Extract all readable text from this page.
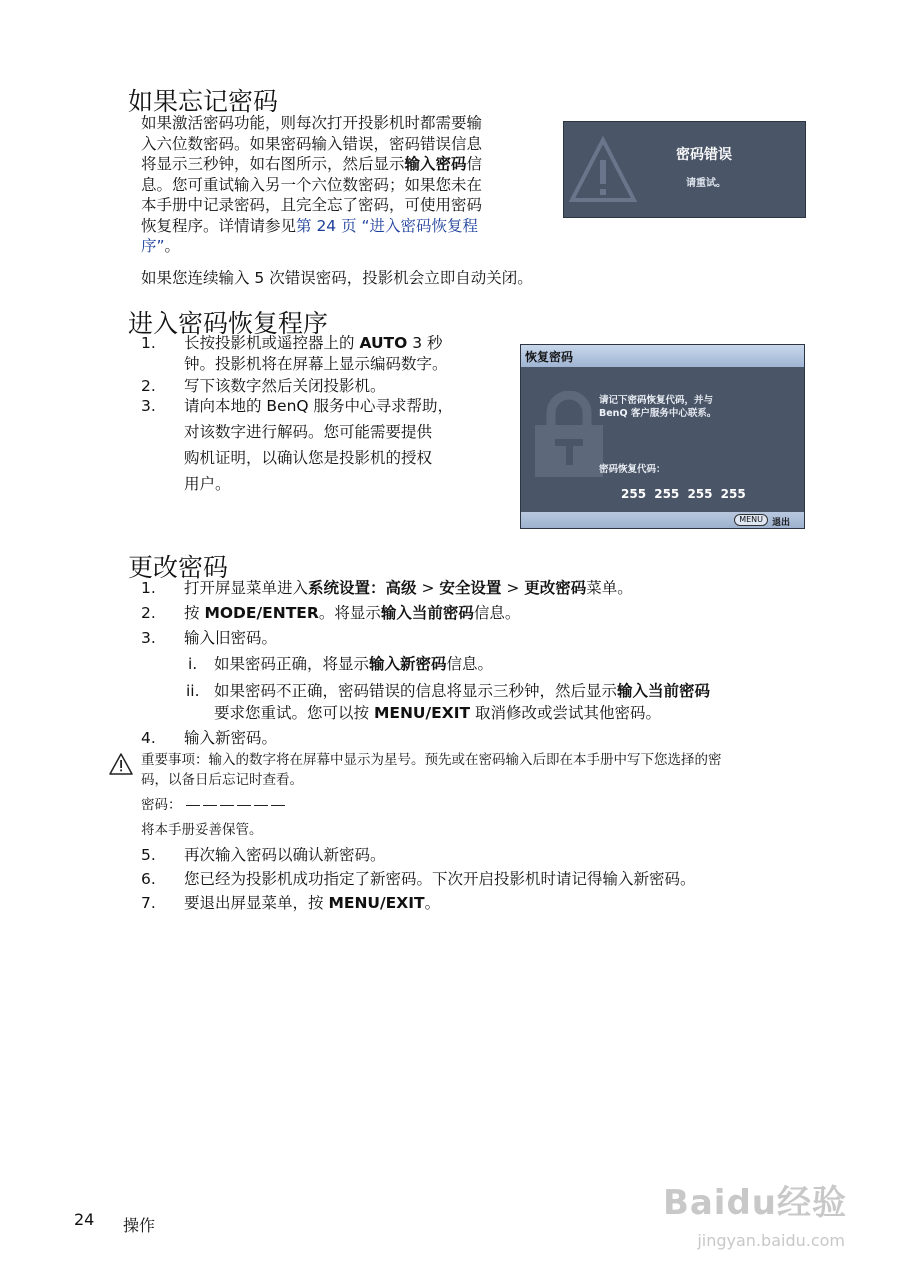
如果忘记密码
如果激活密码功能，则每次打开投影机时都需要输
入六位数密码。如果密码输入错误，密码错误信息
将显示三秒钟，如右图所示，然后显示输入密码信
息。您可重试输入另一个六位数密码；如果您未在
本手册中记录密码，且完全忘了密码，可使用密码
恢复程序。详情请参见第 24 页 “进入密码恢复程
序”。
如果您连续输入 5 次错误密码，投影机会立即自动关闭。
密码错误
请重试。
进入密码恢复程序
1. 长按投影机或遥控器上的 AUTO 3 秒
钟。投影机将在屏幕上显示编码数字。
2. 写下该数字然后关闭投影机。
3. 请向本地的 BenQ 服务中心寻求帮助，
对该数字进行解码。您可能需要提供
购机证明，以确认您是投影机的授权
用户。
恢复密码
请记下密码恢复代码，并与
BenQ 客户服务中心联系。
密码恢复代码：
255 255 255 255
MENU 退出
更改密码
1. 打开屏显菜单进入系统设置：高级 > 安全设置 > 更改密码菜单。
2. 按 MODE/ENTER。将显示输入当前密码信息。
3. 输入旧密码。
i. 如果密码正确，将显示输入新密码信息。
ii. 如果密码不正确，密码错误的信息将显示三秒钟，然后显示输入当前密码
要求您重试。您可以按 MENU/EXIT 取消修改或尝试其他密码。
4. 输入新密码。
重要事项：输入的数字将在屏幕中显示为星号。预先或在密码输入后即在本手册中写下您选择的密
码，以备日后忘记时查看。
密码：
将本手册妥善保管。
5. 再次输入密码以确认新密码。
6. 您已经为投影机成功指定了新密码。下次开启投影机时请记得输入新密码。
7. 要退出屏显菜单，按 MENU/EXIT。
24 操作
Baidu经验
jingyan.baidu.com
